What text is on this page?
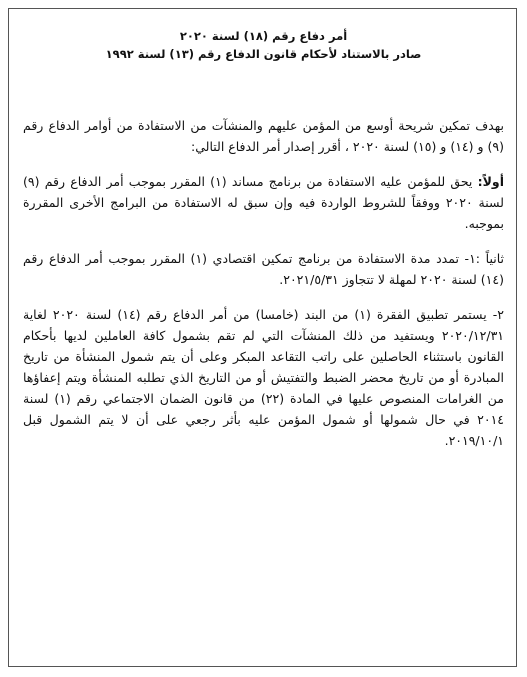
أمر دفاع رقم (١٨) لسنة ٢٠٢٠
صادر بالاستناد لأحكام قانون الدفاع رقم (١٣) لسنة ١٩٩٢

بهدف تمكين شريحة أوسع من المؤمن عليهم والمنشآت من الاستفادة من أوامر الدفاع رقم (٩) و (١٤) و (١٥) لسنة ٢٠٢٠ ، أقرر إصدار أمر الدفاع التالي:

أولاً: يحق للمؤمن عليه الاستفادة من برنامج مساند (١) المقرر بموجب أمر الدفاع رقم (٩) لسنة ٢٠٢٠ ووفقاً للشروط الواردة فيه وإن سبق له الاستفادة من البرامج الأخرى المقررة بموجبه.

ثانياً :١- تمدد مدة الاستفادة من برنامج تمكين اقتصادي (١) المقرر بموجب أمر الدفاع رقم (١٤) لسنة ٢٠٢٠ لمهلة لا تتجاوز ٢٠٢١/٥/٣١.

٢- يستمر تطبيق الفقرة (١) من البند (خامسا) من أمر الدفاع رقم (١٤) لسنة ٢٠٢٠ لغاية ٢٠٢٠/١٢/٣١ ويستفيد من ذلك المنشآت التي لم تقم بشمول كافة العاملين لديها بأحكام القانون باستثناء الحاصلين على راتب التقاعد المبكر وعلى أن يتم شمول المنشأة من تاريخ المبادرة أو من تاريخ محضر الضبط والتفتيش أو من التاريخ الذي تطلبه المنشأة ويتم إعفاؤها من الغرامات المنصوص عليها في المادة (٢٢) من قانون الضمان الاجتماعي رقم (١) لسنة ٢٠١٤ في حال شمولها أو شمول المؤمن عليه بأثر رجعي على أن لا يتم الشمول قبل ٢٠١٩/١٠/١.
